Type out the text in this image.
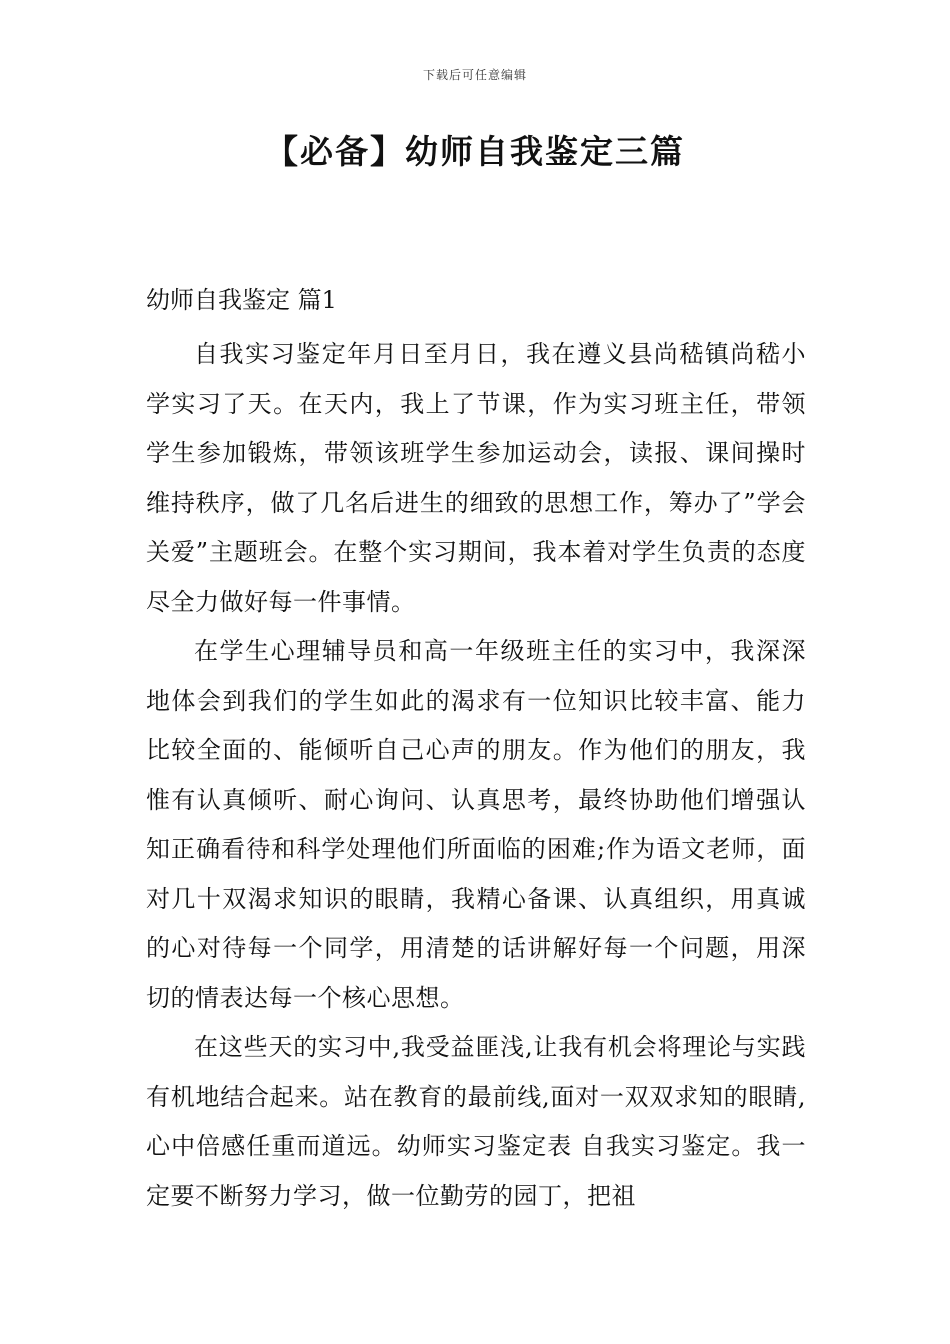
下载后可任意编辑
【必备】幼师自我鉴定三篇
幼师自我鉴定 篇1

自我实习鉴定年月日至月日，我在遵义县尚嵇镇尚嵇小学实习了天。在天内，我上了节课，作为实习班主任，带领学生参加锻炼，带领该班学生参加运动会，读报、课间操时维持秩序，做了几名后进生的细致的思想工作，筹办了”学会关爱”主题班会。在整个实习期间，我本着对学生负责的态度尽全力做好每一件事情。

在学生心理辅导员和高一年级班主任的实习中，我深深地体会到我们的学生如此的渴求有一位知识比较丰富、能力比较全面的、能倾听自己心声的朋友。作为他们的朋友，我惟有认真倾听、耐心询问、认真思考，最终协助他们增强认知正确看待和科学处理他们所面临的困难;作为语文老师，面对几十双渴求知识的眼睛，我精心备课、认真组织，用真诚的心对待每一个同学，用清楚的话讲解好每一个问题，用深切的情表达每一个核心思想。

在这些天的实习中,我受益匪浅,让我有机会将理论与实践有机地结合起来。站在教育的最前线,面对一双双求知的眼睛,心中倍感任重而道远。幼师实习鉴定表 自我实习鉴定。我一定要不断努力学习，做一位勤劳的园丁，把祖
